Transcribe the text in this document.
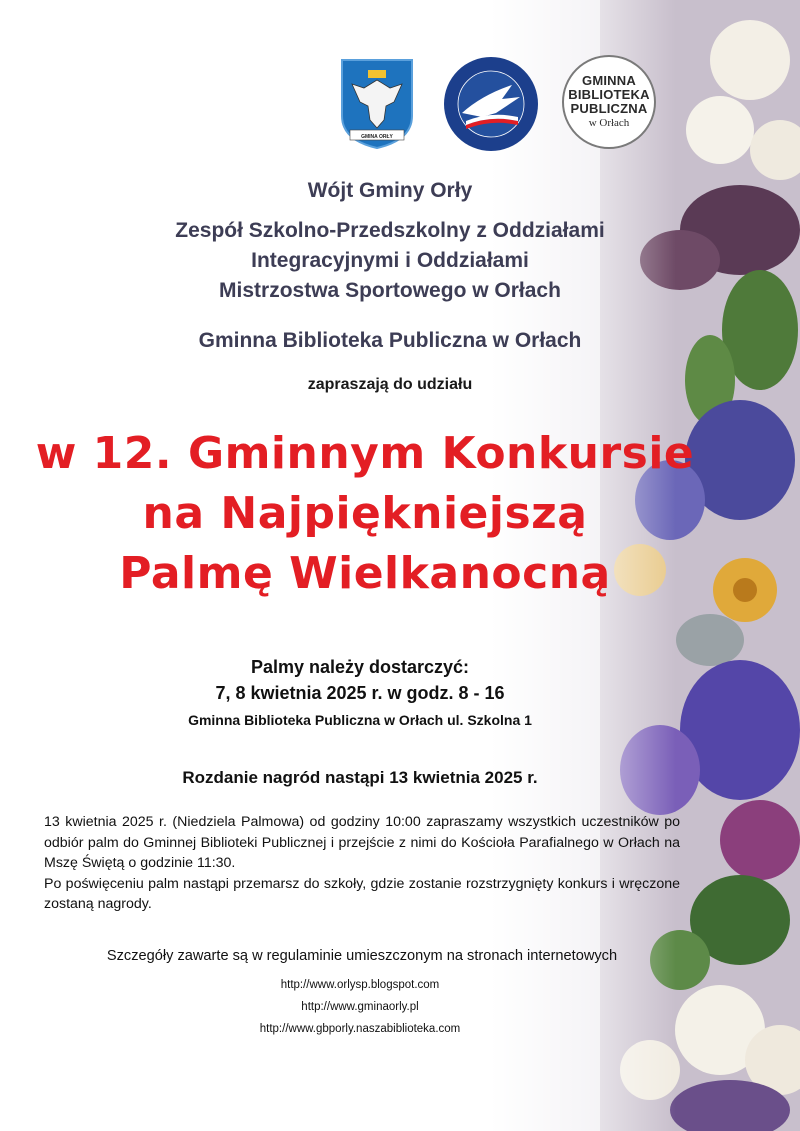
GMINA ORŁY
GMINNA
BIBLIOTEKA
PUBLICZNA
w Orłach
Wójt Gminy Orły
Zespół Szkolno-Przedszkolny z Oddziałami
Integracyjnymi i Oddziałami
Mistrzostwa Sportowego w Orłach
Gminna Biblioteka Publiczna w Orłach
zapraszają do udziału
w 12. Gminnym Konkursie
na Najpiękniejszą
Palmę Wielkanocną
Palmy należy dostarczyć:
7, 8 kwietnia 2025 r. w godz. 8 - 16
Gminna Biblioteka Publiczna w Orłach ul. Szkolna 1
Rozdanie nagród nastąpi 13 kwietnia 2025 r.

13 kwietnia 2025 r. (Niedziela Palmowa) od godziny 10:00 zapraszamy wszystkich uczestników po odbiór palm do Gminnej Biblioteki Publicznej i przejście z nimi do Kościoła Parafialnego w Orłach na Mszę Świętą o godzinie 11:30.

Po poświęceniu palm nastąpi przemarsz do szkoły, gdzie zostanie rozstrzygnięty konkurs i wręczone zostaną nagrody.

Szczegóły zawarte są w regulaminie umieszczonym na stronach internetowych
http://www.orlysp.blogspot.com
http://www.gminaorly.pl
http://www.gbporly.naszabiblioteka.com
